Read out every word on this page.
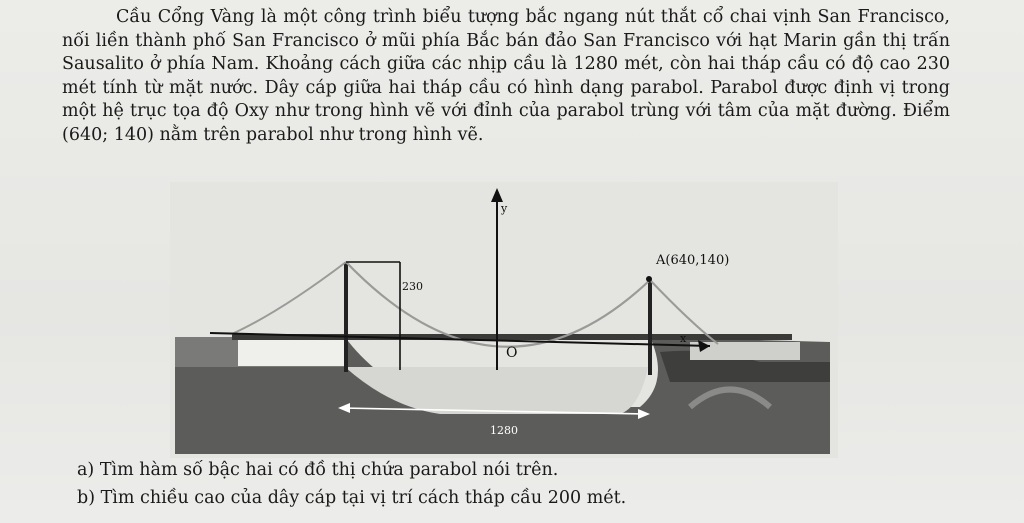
Cầu Cổng Vàng là một công trình biểu tượng bắc ngang nút thắt cổ chai vịnh San Francisco, nối liền thành phố San Francisco ở mũi phía Bắc bán đảo San Francisco với hạt Marin gần thị trấn Sausalito ở phía Nam. Khoảng cách giữa các nhịp cầu là 1280 mét, còn hai tháp cầu có độ cao 230 mét tính từ mặt nước. Dây cáp giữa hai tháp cầu có hình dạng parabol. Parabol được định vị trong một hệ trục tọa độ Oxy như trong hình vẽ với đỉnh của parabol trùng với tâm của mặt đường. Điểm (640; 140) nằm trên parabol như trong hình vẽ.
230
x
y
O
A(640,140)
1280
a) Tìm hàm số bậc hai có đồ thị chứa parabol nói trên.
b) Tìm chiều cao của dây cáp tại vị trí cách tháp cầu 200 mét.
